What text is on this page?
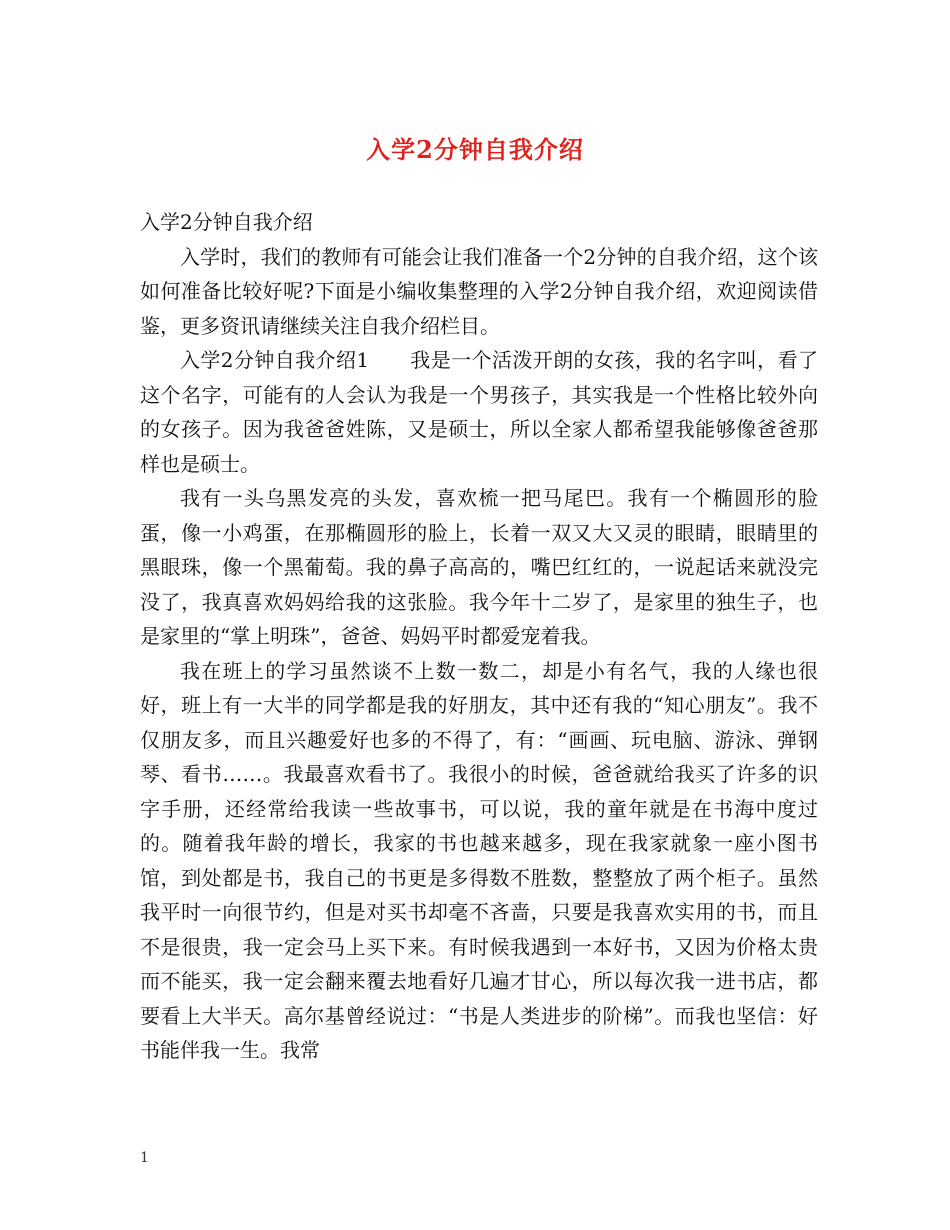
入学2分钟自我介绍

入学2分钟自我介绍

入学时，我们的教师有可能会让我们准备一个2分钟的自我介绍，这个该如何准备比较好呢?下面是小编收集整理的入学2分钟自我介绍，欢迎阅读借鉴，更多资讯请继续关注自我介绍栏目。

入学2分钟自我介绍1　　我是一个活泼开朗的女孩，我的名字叫，看了这个名字，可能有的人会认为我是一个男孩子，其实我是一个性格比较外向的女孩子。因为我爸爸姓陈，又是硕士，所以全家人都希望我能够像爸爸那样也是硕士。

我有一头乌黑发亮的头发，喜欢梳一把马尾巴。我有一个椭圆形的脸蛋，像一小鸡蛋，在那椭圆形的脸上，长着一双又大又灵的眼睛，眼睛里的黑眼珠，像一个黑葡萄。我的鼻子高高的，嘴巴红红的，一说起话来就没完没了，我真喜欢妈妈给我的这张脸。我今年十二岁了，是家里的独生子，也是家里的“掌上明珠”，爸爸、妈妈平时都爱宠着我。

我在班上的学习虽然谈不上数一数二，却是小有名气，我的人缘也很好，班上有一大半的同学都是我的好朋友，其中还有我的“知心朋友”。我不仅朋友多，而且兴趣爱好也多的不得了，有：“画画、玩电脑、游泳、弹钢琴、看书……。我最喜欢看书了。我很小的时候，爸爸就给我买了许多的识字手册，还经常给我读一些故事书，可以说，我的童年就是在书海中度过的。随着我年龄的增长，我家的书也越来越多，现在我家就象一座小图书馆，到处都是书，我自己的书更是多得数不胜数，整整放了两个柜子。虽然我平时一向很节约，但是对买书却毫不吝啬，只要是我喜欢实用的书，而且不是很贵，我一定会马上买下来。有时候我遇到一本好书，又因为价格太贵而不能买，我一定会翻来覆去地看好几遍才甘心，所以每次我一进书店，都要看上大半天。高尔基曾经说过：“书是人类进步的阶梯”。而我也坚信：好书能伴我一生。我常

1
